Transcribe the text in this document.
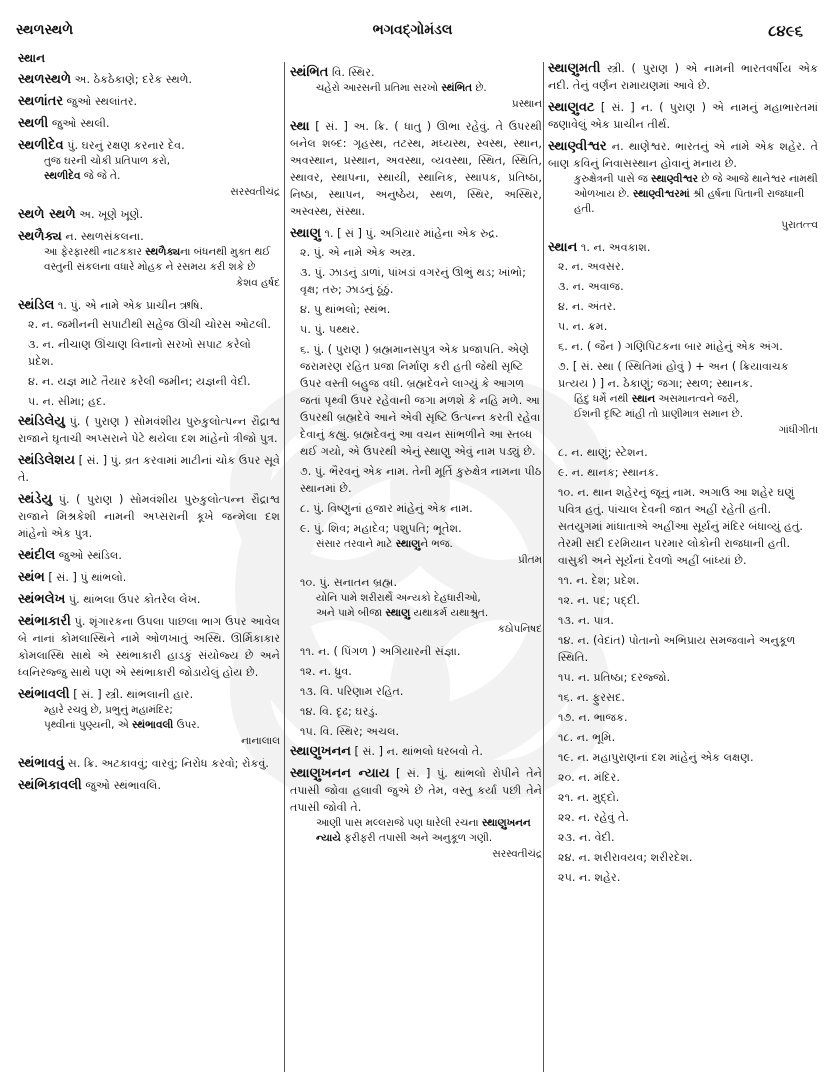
સ્થળસ્થળે	ભગવદ્ગોમંડલ	૮૪૯૬

સ્થાન

સ્થળસ્થળે અ. ઠેકઠેકાણે; દરેક સ્થળે.

સ્થળાંતર જુઓ સ્થલાંતર.

સ્થળી જુઓ સ્થલી.

સ્થળીદેવ પું. ઘરનું રક્ષણ કરનાર દેવ.

તુજ ઘરની ચોકી પ્રતિપાળ કરો,

સ્થળીદેવ જે જે તે.

સરસ્વતીચંદ્ર

સ્થળે સ્થળે અ. ખૂણે ખૂણે.

સ્થળૈક્ય ન. સ્થળસંકલના.

આ ફેરફારથી નાટકકાર સ્થળૈક્યના બંધનથી મુક્ત થઈ વસ્તુની સંકલના વધારે મોહક ને રસમય કરી શકે છે

કેશવ હર્ષદ

સ્થંડિલ ૧. પું. એ નામે એક પ્રાચીન ઋષિ.

૨. ન. જમીનની સપાટીથી સહેજ ઊંચી ચોરસ ઓટલી.

૩. ન. નીચાણ ઊંચાણ વિનાનો સરખો સપાટ કરેલો પ્રદેશ.

૪. ન. યજ્ઞ માટે તૈયાર કરેલી જમીન; યજ્ઞની વેદી.

૫. ન. સીમા; હદ.

સ્થંડિલેયુ પું. ( પુરાણ ) સોમવંશીય પુરુકુલોત્પન્ન રૌદ્રાશ્વ રાજાને ઘૃતાચી અપ્સરાને પેટે થયેલા દશ માંહેનો ત્રીજો પુત્ર.

સ્થંડિલેશય [ સં. ] પું. વ્રત કરવામાં માટીનાં ચોક ઉપર સૂવે તે.

સ્થંડેયુ પું. ( પુરાણ ) સોમવંશીય પુરુકુલોત્પન્ન રૌદ્રાશ્વ રાજાને મિશ્રકેશી નામની અપ્સરાની કૂખે જન્મેલા દશ માંહેનો એક પુત્ર.

સ્થંદીલ જુઓ સ્થંડિલ.

સ્થંભ [ સં. ] પું થાંભલો.

સ્થંભલેખ પું. થાંભલા ઉપર કોતરેલ લેખ.

સ્થંભાકારી પું. શૃંગારકના ઉપલા પાછલા ભાગ ઉપર આવેલ બે નાનાં કોમલાસ્થિને નામે ઓળખાતું અસ્થિ. ઊર્મિકાકાર કોમલાસ્થિ સાથે એ સ્થંભાકારી હાડકું સંયોજ્ય છે અને ધ્વનિરજ્જુ સાથે પણ એ સ્થંભાકારી જોડાયેલું હોય છે.

સ્થંભાવલી [ સં. ] સ્ત્રી. થાંભલાની હાર.

મ્હારે રચવું છે, પ્રભુનું મહામંદિર;

પૃથ્વીનાં પુણ્યની, એ સ્થંભાવલી ઉપર.

નાનાલાલ

સ્થંભાવવું સ. ક્રિ. અટકાવવું; વારવું; નિરોધ કરવો; રોકવું.

સ્થંભિકાવલી જુઓ સ્થંભાવલિ.

સ્થંભિત વિ. સ્થિર.

ચહેરો આરસની પ્રતિમા સરખો સ્થંભિત છે.

પ્રસ્થાન

સ્થા [ સં. ] અ. ક્રિ. ( ધાતુ ) ઊભા રહેવું. તે ઉપરથી બનેલ શબ્દ: ગૃહસ્થ, તટસ્થ, મધ્યસ્થ, સ્વસ્થ, સ્થાન, અવસ્થાન, પ્રસ્થાન, અવસ્થા, વ્યવસ્થા, સ્થિત, સ્થિતિ, સ્થાવર, સ્થાપના, સ્થાયી, સ્થાનિક, સ્થાપક, પ્રતિષ્ઠા, નિષ્ઠા, સ્થાપન, અનુષ્ઠેય, સ્થળ, સ્થિર, અસ્થિર, અસ્વસ્થ, સંસ્થા.

સ્થાણુ ૧. [ સં ] પું. અગિયાર માંહેના એક રુદ્ર.

૨. પું. એ નામે એક અસ્ત્ર.

૩. પું. ઝાડનું ડાળાં, પાંખડાં વગરનું ઊભું થડ; ખાંભો; વૃક્ષ; તરુ; ઝાડનું ઠૂંઠું.

૪. પુ થાંભલો; સ્થંભ.

૫. પું. પથ્થર.

૬. પું. ( પુરાણ ) બ્રહ્મમાનસપુત્ર એક પ્રજાપતિ. એણે જરામરણ રહિત પ્રજા નિર્માણ કરી હતી જેથી સૃષ્ટિ ઉપર વસ્તી બહુજ વધી. બ્રહ્મદેવને લાગ્યું કે આગળ જતાં પૃથ્વી ઉપર રહેવાની જગા મળશે કે નહિ મળે. આ ઉપરથી બ્રહ્મદેવે આને એવી સૃષ્ટિ ઉત્પન્ન કરતી રહેવા દેવાનું કહ્યું. બ્રહ્મદેવનું આ વચન સાંભળીને આ સ્તબ્ધ થઈ ગયો, એ ઉપરથી એનું સ્થાણુ એવું નામ પડ્યું છે.

૭. પું. ભૈરવનું એક નામ. તેની મૂર્તિ કુરુક્ષેત્ર નામના પીઠ સ્થાનમાં છે.

૮. પું. વિષ્ણુનાં હજાર માંહેનું એક નામ.

૯. પું. શિવ; મહાદેવ; પશુપતિ; ભૂતેશ.

સંસાર તરવાને માટે સ્થાણુને ભજ.

પ્રીતમ

૧૦. પું. સનાતન બ્રહ્મ.

યોનિ પામે શરીરાર્થે અન્યકો દેહધારીઓ,

અને પામે બીજા સ્થાણુ યથાકર્મ યથાશ્રુત.

કઠોપનિષદ

૧૧. ન. ( પિંગળ ) અગિયારની સંજ્ઞા.

૧૨. ન. ધ્રુવ.

૧૩. વિ. પરિણામ રહિત.

૧૪. વિ. દૃઢ; ઘરડું.

૧૫. વિ. સ્થિર; અચલ.

સ્થાણુખનન [ સં. ] ન. થાંભલો ધરબવો તે.

સ્થાણુખનન ન્યાય [ સં. ] પું. થાંભલો રોપીને તેને તપાસી જોવા હલાવી જુએ છે તેમ, વસ્તુ કર્યા પછી તેને તપાસી જોવી તે.

આણી પાસ મલ્લરાજે પણ ધારેલી રચના સ્થાણુખનન ન્યાયે ફરીફરી તપાસી અને અનુકૂળ ગણી.

સરસ્વતીચંદ્ર

સ્થાણુમતી સ્ત્રી. ( પુરાણ ) એ નામની ભારતવર્ષીય એક નદી. તેનું વર્ણન રામાયણમાં આવે છે.

સ્થાણુવટ [ સં. ] ન. ( પુરાણ ) એ નામનું મહાભારતમાં જણાવેલું એક પ્રાચીન તીર્થ.

સ્થાણ્વીશ્વર ન. થાણેશ્વર. ભારતનું એ નામે એક શહેર. તે બાણ કવિનું નિવાસસ્થાન હોવાનું મનાય છે.

કુરુક્ષેત્રની પાસે જ સ્થાણ્વીશ્વર છે જે આજે થાનેશ્વર નામથી ઓળખાય છે. સ્થાણ્વીશ્વરમાં શ્રી હર્ષના પિતાની રાજધાની હતી.

પુરાતત્ત્વ

સ્થાન ૧. ન. અવકાશ.

૨. ન. અવસર.

૩. ન. અવાજ.

૪. ન. અંતર.

૫. ન. ક્રમ.

૬. ન. ( જૈન ) ગણિપિટકના બાર માંહેનું એક અંગ.

૭. [ સં. સ્થા ( સ્થિતિમાં હોવું ) + અન ( ક્રિયાવાચક પ્રત્યય ) ] ન. ઠેકાણું; જગા; સ્થળ; સ્થાનક.

હિંદુ ધર્મે નથી સ્થાન અસમાનત્વને જરી,

ઈશની દૃષ્ટિ માંહી તો પ્રાણીમાત્ર સમાન છે.

ગાંધીગીતા

૮. ન. થાણું; સ્ટેશન.

૯. ન. થાનક; સ્થાનક.

૧૦. ન. થાન શહેરનું જૂનું નામ. અગાઉ આ શહેર ઘણું પવિત્ર હતું. પાંચાલ દેવની જાત અહીં રહેતી હતી. સતયુગમાં માંધાતાએ અહીંઆ સૂર્યનું મંદિર બંધાવ્યું હતું. તેરમી સદી દરમિયાન પરમાર લોકોની રાજધાની હતી. વાસુકી અને સૂર્યનાં દેવળો અહીં બાંધ્યાં છે.

૧૧. ન. દેશ; પ્રદેશ.

૧૨. ન. પદ; પદ્દી.

૧૩. ન. પાત્ર.

૧૪. ન. (વેદાંત) પોતાનો અભિપ્રાય સમજવાને અનુકૂળ સ્થિતિ.

૧૫. ન. પ્રતિષ્ઠા; દરજ્જો.

૧૬. ન. ફુરસદ.

૧૭. ન. ભાજક.

૧૮. ન. ભૂમિ.

૧૯. ન. મહાપુરાણનાં દશ માંહેનું એક લક્ષણ.

૨૦. ન. મંદિર.

૨૧. ન. મુદ્દો.

૨૨. ન. રહેવું તે.

૨૩. ન. વેદી.

૨૪. ન. શરીરાવયવ; શરીરદેશ.

૨૫. ન. શહેર.
